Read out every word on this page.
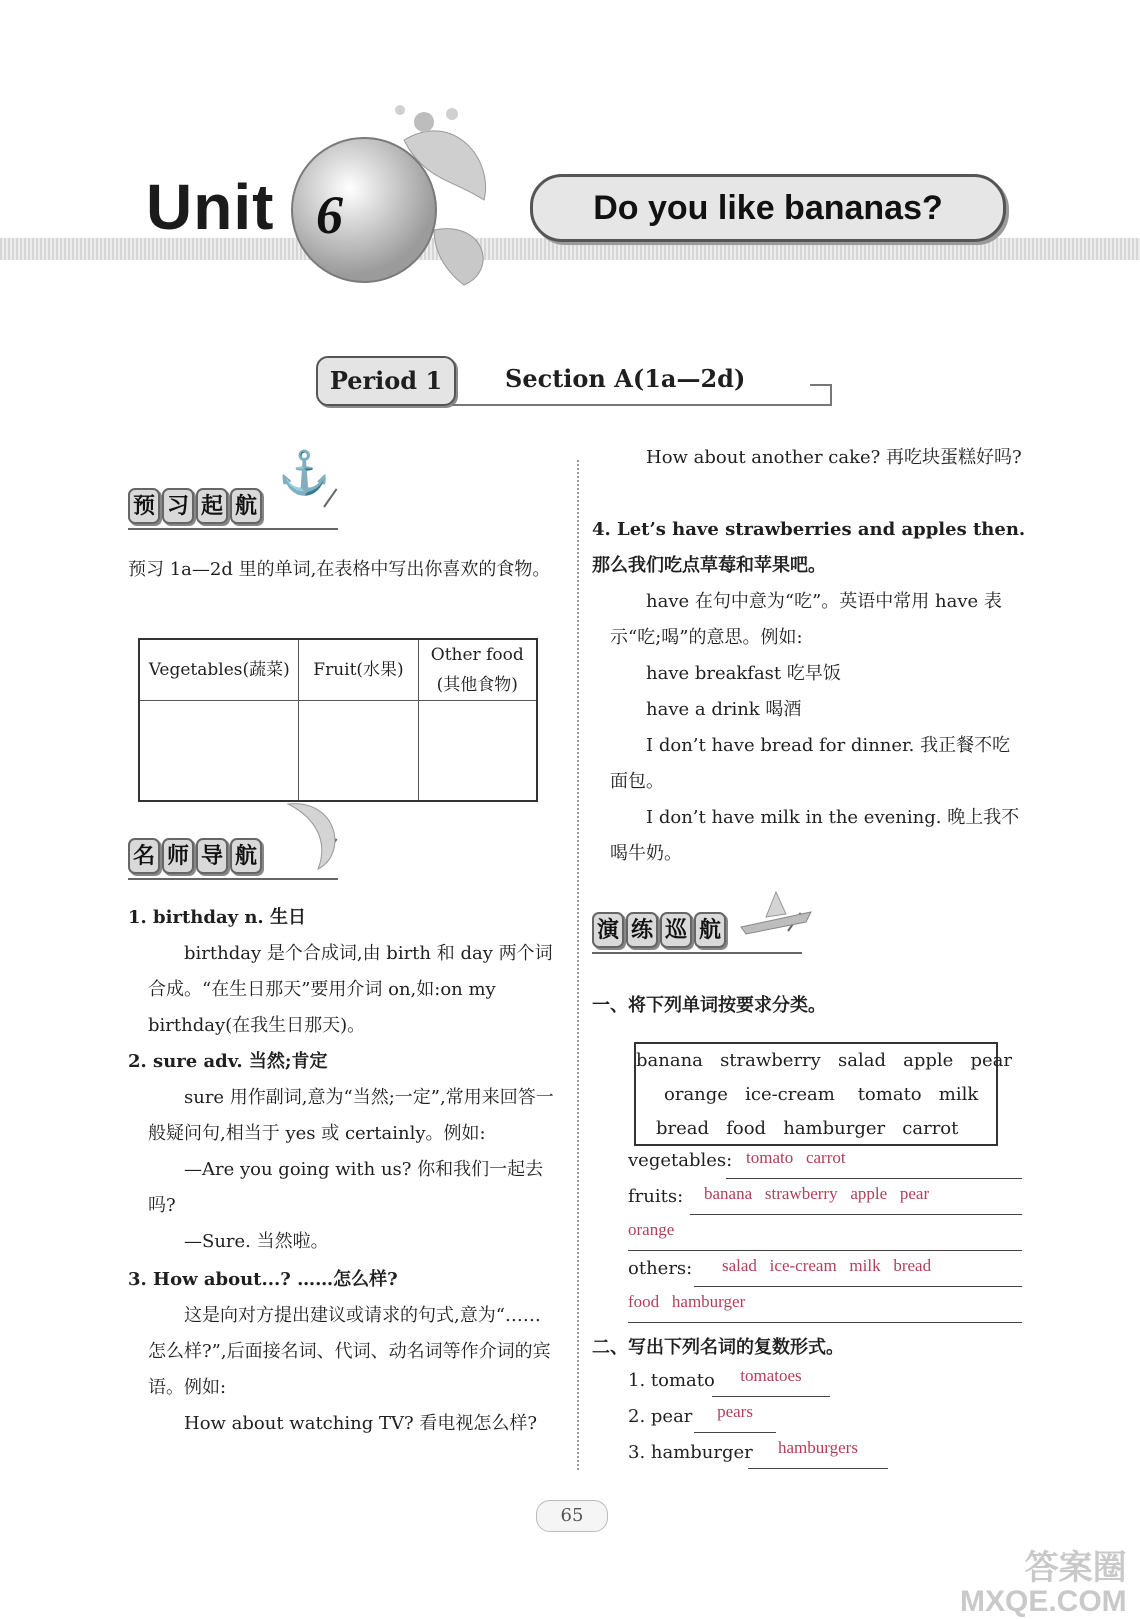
Unit 6	Do you like bananas?
Period 1	Section A(1a—2d)
预 习 起 航
⚓
预习 1a—2d 里的单词,在表格中写出你喜欢的食物。
Vegetables(蔬菜)	Fruit(水果)	Other food
(其他食物)

名 师 导 航
1. birthday n. 生日
birthday 是个合成词,由 birth 和 day 两个词合成。“在生日那天”要用介词 on,如:on my birthday(在我生日那天)。
2. sure adv. 当然;肯定
sure 用作副词,意为“当然;一定”,常用来回答一般疑问句,相当于 yes 或 certainly。例如:
—Are you going with us? 你和我们一起去吗?
—Sure. 当然啦。
3. How about...? ……怎么样?
这是向对方提出建议或请求的句式,意为“……怎么样?”,后面接名词、代词、动名词等作介词的宾语。例如:
How about watching TV? 看电视怎么样?
How about another cake? 再吃块蛋糕好吗?
4. Let’s have strawberries and apples then. 那么我们吃点草莓和苹果吧。
have 在句中意为“吃”。英语中常用 have 表示“吃;喝”的意思。例如:
have breakfast 吃早饭
have a drink 喝酒
I don’t have bread for dinner. 我正餐不吃面包。
I don’t have milk in the evening. 晚上我不喝牛奶。
演 练 巡 航
一、将下列单词按要求分类。
banana   strawberry   salad   apple   pear
orange   ice-cream    tomato   milk
bread   food   hamburger   carrot
vegetables: tomato   carrot
fruits:	banana   strawberry   apple   pear
orange
others:	salad   ice-cream   milk   bread
food   hamburger
二、写出下列名词的复数形式。
1. tomato	tomatoes
2. pear	pears
3. hamburger	hamburgers
65
答案圈
MXQE.COM
